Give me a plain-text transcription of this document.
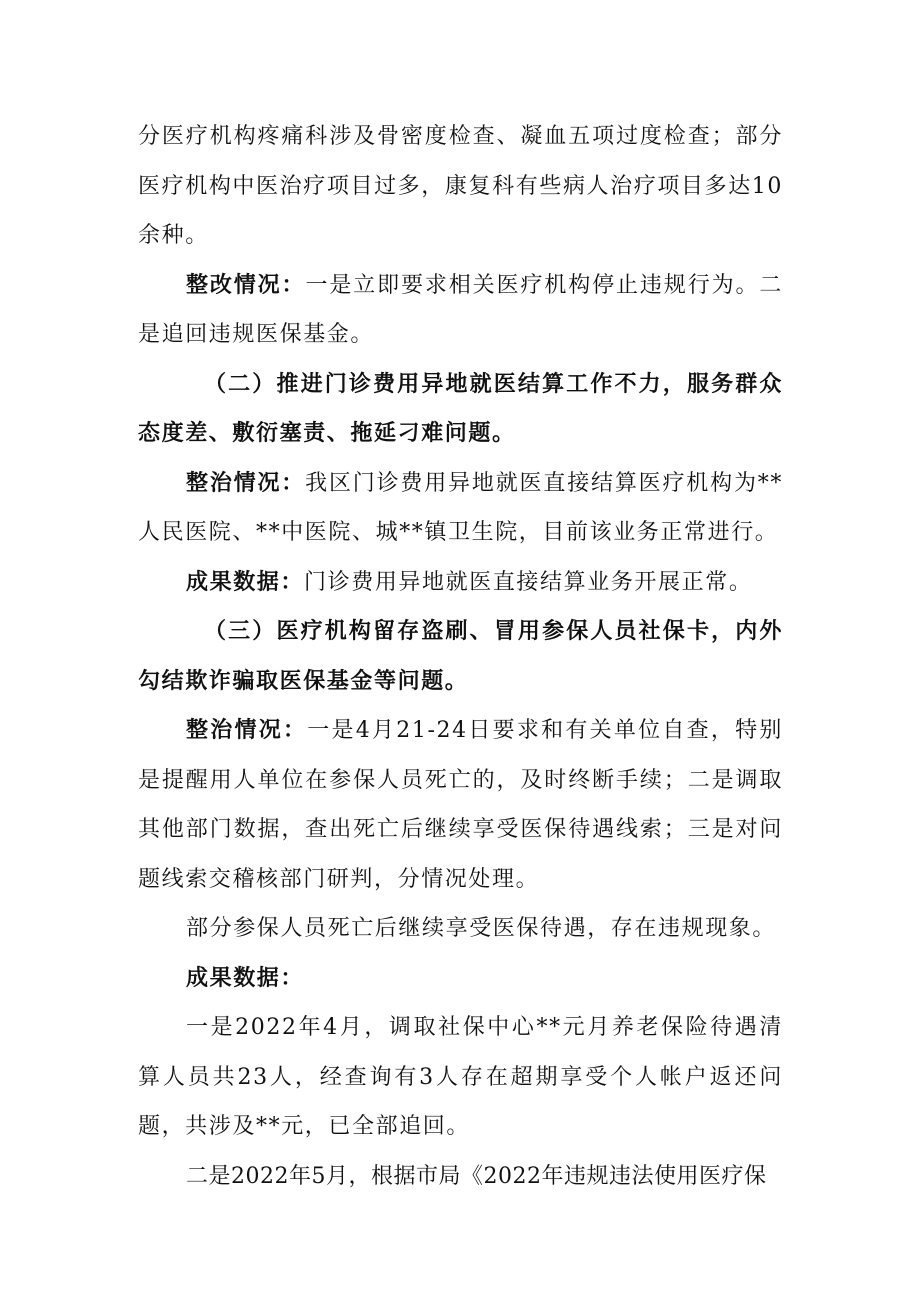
分医疗机构疼痛科涉及骨密度检查、凝血五项过度检查；部分医疗机构中医治疗项目过多，康复科有些病人治疗项目多达10余种。

整改情况：一是立即要求相关医疗机构停止违规行为。二是追回违规医保基金。

（二）推进门诊费用异地就医结算工作不力，服务群众态度差、敷衍塞责、拖延刁难问题。

整治情况：我区门诊费用异地就医直接结算医疗机构为**人民医院、**中医院、城**镇卫生院，目前该业务正常进行。

成果数据：门诊费用异地就医直接结算业务开展正常。

（三）医疗机构留存盗刷、冒用参保人员社保卡，内外勾结欺诈骗取医保基金等问题。

整治情况：一是4月21-24日要求和有关单位自查，特别是提醒用人单位在参保人员死亡的，及时终断手续；二是调取其他部门数据，查出死亡后继续享受医保待遇线索；三是对问题线索交稽核部门研判，分情况处理。

部分参保人员死亡后继续享受医保待遇，存在违规现象。

成果数据：

一是2022年4月，调取社保中心**元月养老保险待遇清算人员共23人，经查询有3人存在超期享受个人帐户返还问题，共涉及**元，已全部追回。

二是2022年5月，根据市局《2022年违规违法使用医疗保
